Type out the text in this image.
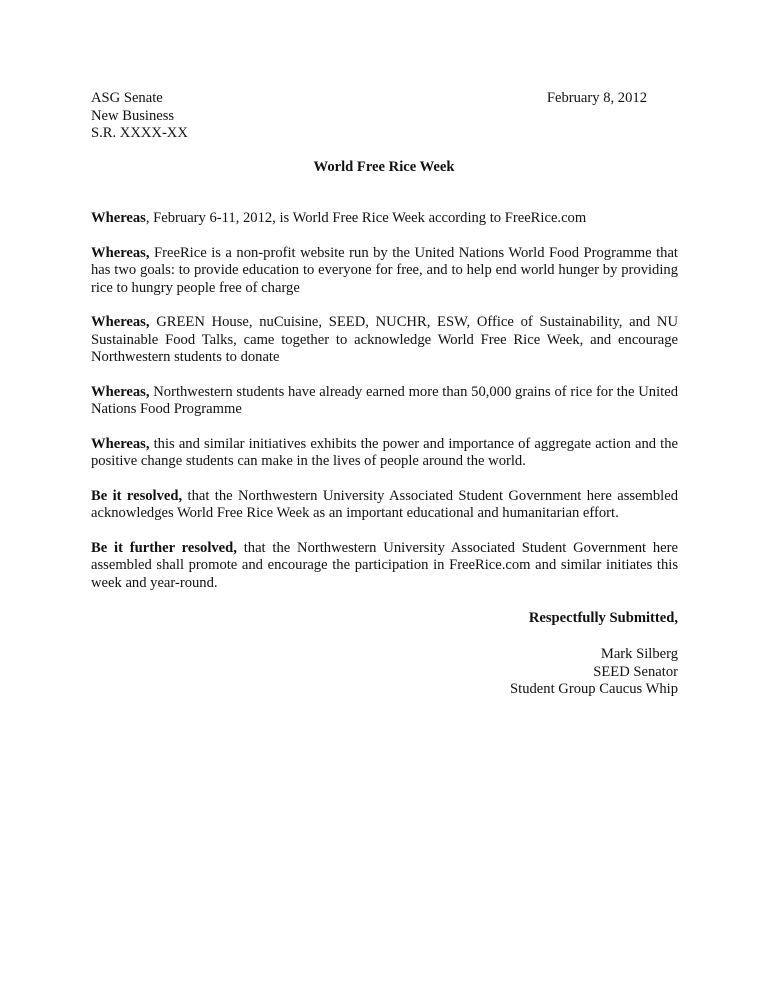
ASG Senate
New Business
S.R. XXXX-XX
February 8, 2012
World Free Rice Week

Whereas, February 6-11, 2012, is World Free Rice Week according to FreeRice.com

Whereas, FreeRice is a non-profit website run by the United Nations World Food Programme that has two goals: to provide education to everyone for free, and to help end world hunger by providing rice to hungry people free of charge

Whereas, GREEN House, nuCuisine, SEED, NUCHR, ESW, Office of Sustainability, and NU Sustainable Food Talks, came together to acknowledge World Free Rice Week, and encourage Northwestern students to donate

Whereas, Northwestern students have already earned more than 50,000 grains of rice for the United Nations Food Programme

Whereas, this and similar initiatives exhibits the power and importance of aggregate action and the positive change students can make in the lives of people around the world.

Be it resolved, that the Northwestern University Associated Student Government here assembled acknowledges World Free Rice Week as an important educational and humanitarian effort.

Be it further resolved, that the Northwestern University Associated Student Government here assembled shall promote and encourage the participation in FreeRice.com and similar initiates this week and year-round.

Respectfully Submitted,
Mark Silberg
SEED Senator
Student Group Caucus Whip
